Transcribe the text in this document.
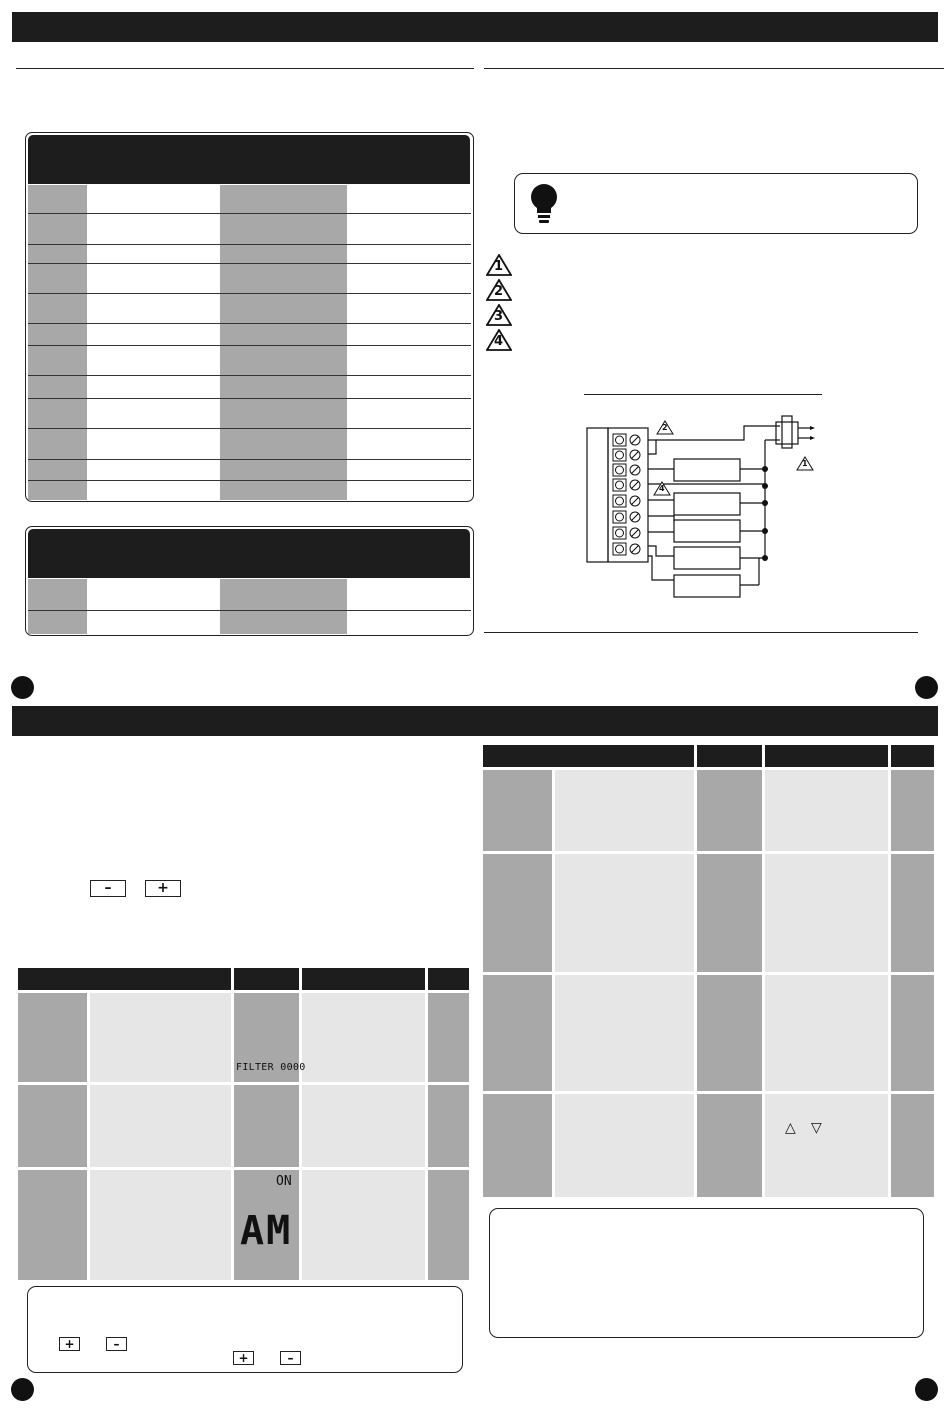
1
2
3
4
2
4
1
–	+
FILTER 0000
ON
AM
+	–
+	–
△ ▽
